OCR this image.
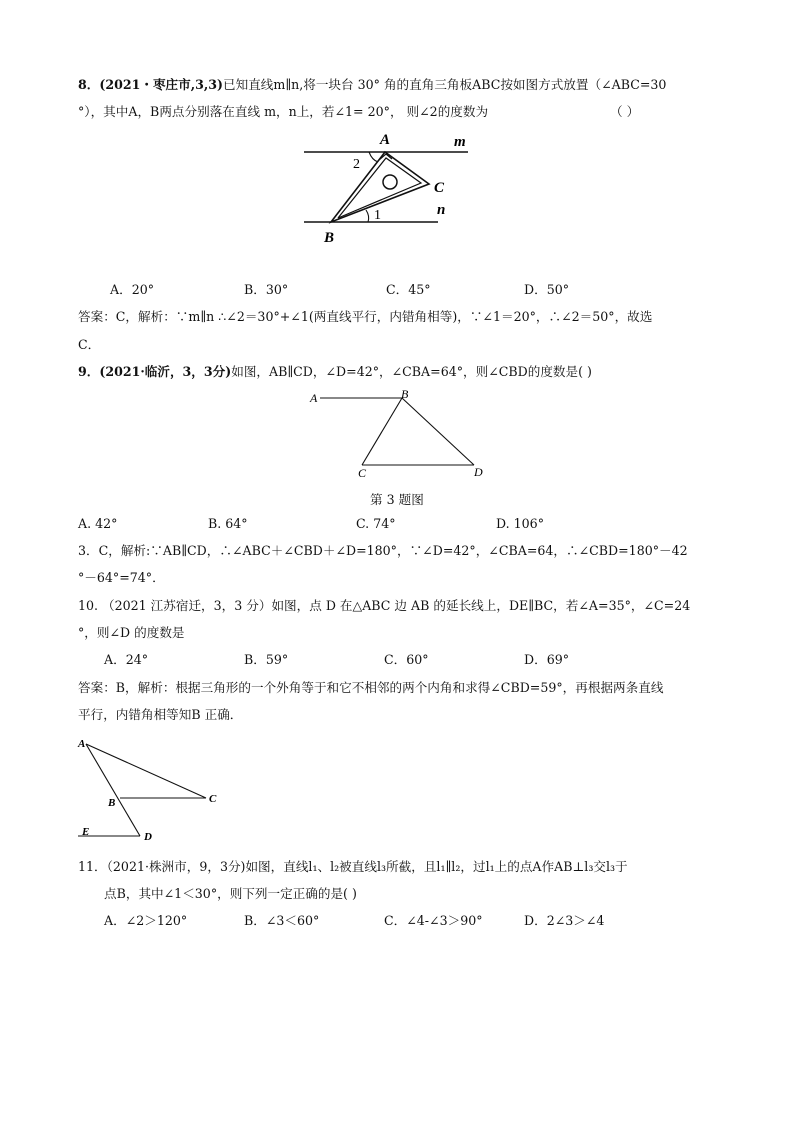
8．(2021・枣庄市,3,3)已知直线m∥n,将一块台 30° 角的直角三角板ABC按如图方式放置（∠ABC=30
°），其中A，B两点分别落在直线 m，n上，若∠1= 20°， 则∠2的度数为	（ ）
A
B
C
m
n
1
2
A．20°	B．30°	C．45°	D．50°
答案：C，解析：∵m∥n ∴∠2＝30°+∠1(两直线平行，内错角相等)，∵∠1＝20°，∴∠2＝50°，故选
C．
9．(2021·临沂，3，3分)如图，AB∥CD，∠D=42°，∠CBA=64°，则∠CBD的度数是( )
A	B
C	D
第 3 题图
A. 42°	B. 64°	C. 74°	D. 106°
3．C，解析:∵AB∥CD，∴∠ABC＋∠CBD＋∠D=180°，∵∠D=42°，∠CBA=64，∴∠CBD=180°－42
°－64°=74°．
10. （2021 江苏宿迁，3，3 分）如图，点 D 在△ABC 边 AB 的延长线上，DE∥BC，若∠A=35°，∠C=24
°，则∠D 的度数是
A．24°	B．59°	C．60°	D．69°
答案：B，解析：根据三角形的一个外角等于和它不相邻的两个内角和求得∠CBD=59°，再根据两条直线
平行，内错角相等知B 正确．
A
B	C
D
E
11．（2021·株洲市，9，3分)如图，直线l₁、l₂被直线l₃所截，且l₁∥l₂，过l₁上的点A作AB⊥l₃交l₃于
点B，其中∠1＜30°，则下列一定正确的是( )
A．∠2＞120°	B．∠3＜60°	C．∠4-∠3＞90°	D．2∠3＞∠4
